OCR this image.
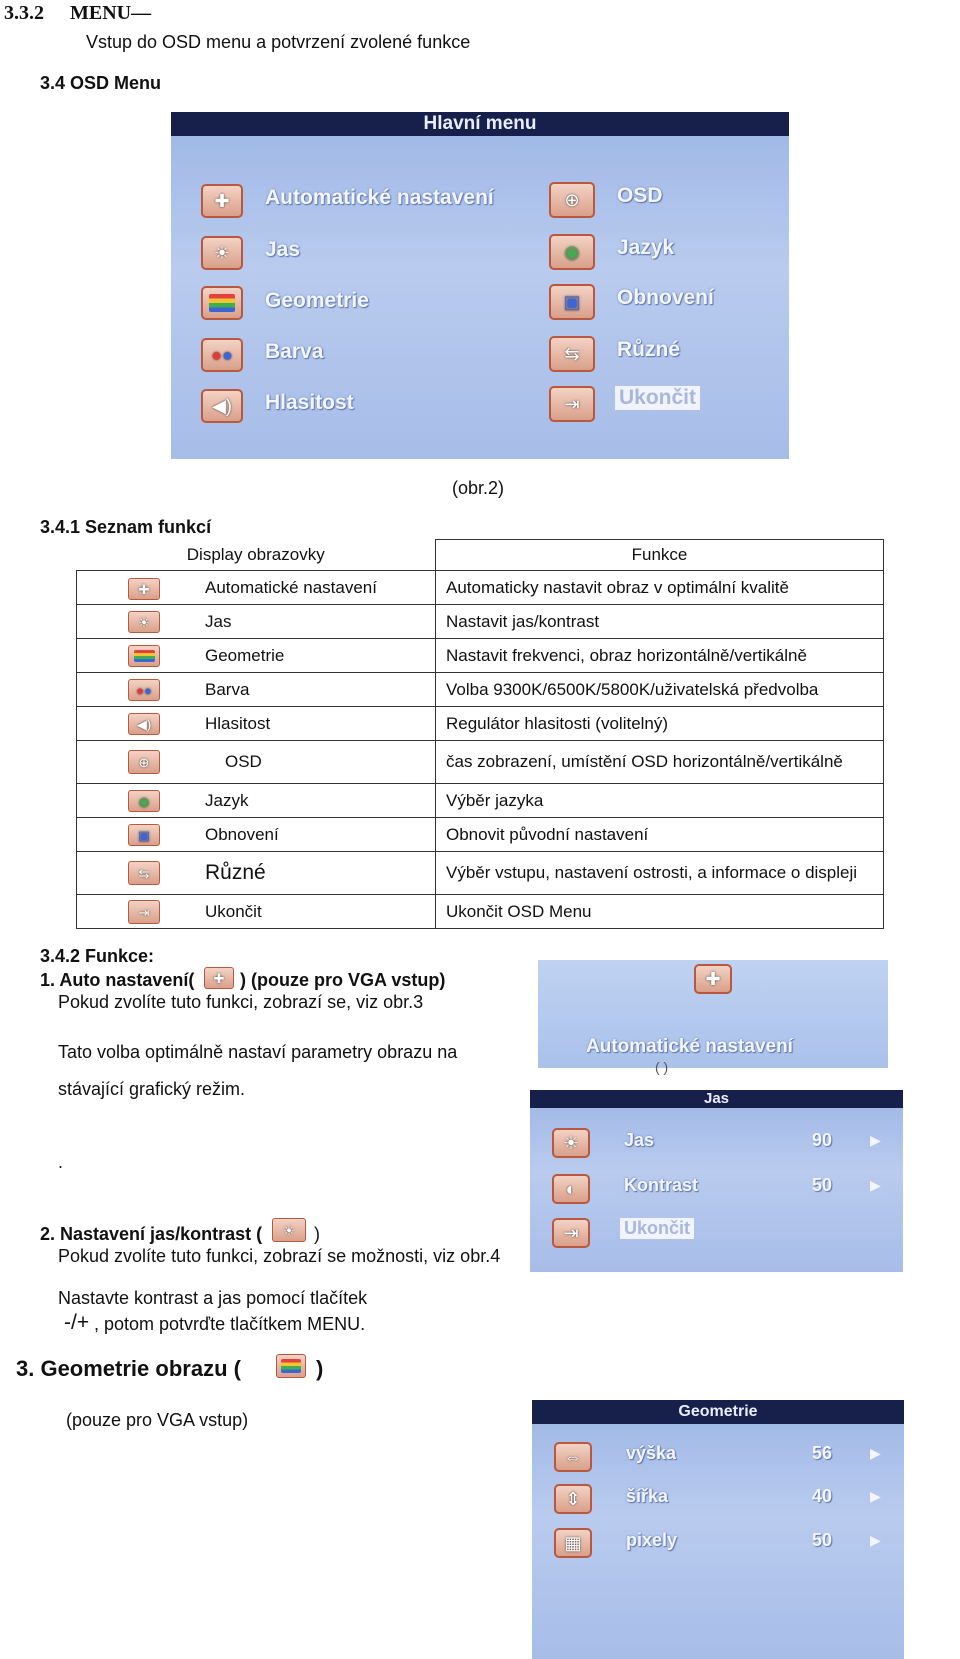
3.3.2 MENU—
Vstup do OSD menu a potvrzení zvolené funkce
3.4 OSD Menu
Hlavní menu
✚ Automatické nastavení
☀ Jas
Geometrie
● ● Barva
◀) Hlasitost
⊕ OSD
◉ Jazyk
▣ Obnovení
⇆ Různé
⇥ Ukončit
(obr.2)
3.4.1 Seznam funkcí
Display obrazovky		Funkce

✚	Automatické nastavení	Automaticky nastavit obraz v optimální kvalitě

☀	Jas	Nastavit jas/kontrast

	Geometrie	Nastavit frekvenci, obraz horizontálně/vertikálně

● ●	Barva	Volba 9300K/6500K/5800K/uživatelská předvolba

◀)	Hlasitost	Regulátor hlasitosti (volitelný)

⊕	OSD	čas zobrazení, umístění OSD horizontálně/vertikálně

◉	Jazyk	Výběr jazyka

▣	Obnovení	Obnovit původní nastavení

⇆	Různé	Výběr vstupu, nastavení ostrosti, a informace o displeji

⇥	Ukončit	Ukončit OSD Menu
3.4.2 Funkce:
1. Auto nastavení( ✚ ) (pouze pro VGA vstup)
Pokud zvolíte tuto funkci, zobrazí se, viz obr.3
Tato volba optimálně nastaví parametry obrazu na
stávající grafický režim.
.
✚
Automatické nastavení
( )
Jas
☀ Jas	90	▶
◐	Kontrast	50	▶
⇥	Ukončit
2. Nastavení jas/kontrast ( ☀ )
Pokud zvolíte tuto funkci, zobrazí se možnosti, viz obr.4
Nastavte kontrast a jas pomocí tlačítek
-/+ , potom potvrďte tlačítkem MENU.
3. Geometrie obrazu (	)
(pouze pro VGA vstup)	Geometrie
⇔ výška	56	▶
⇕	šířka	40	▶
▦ pixely	50	▶
